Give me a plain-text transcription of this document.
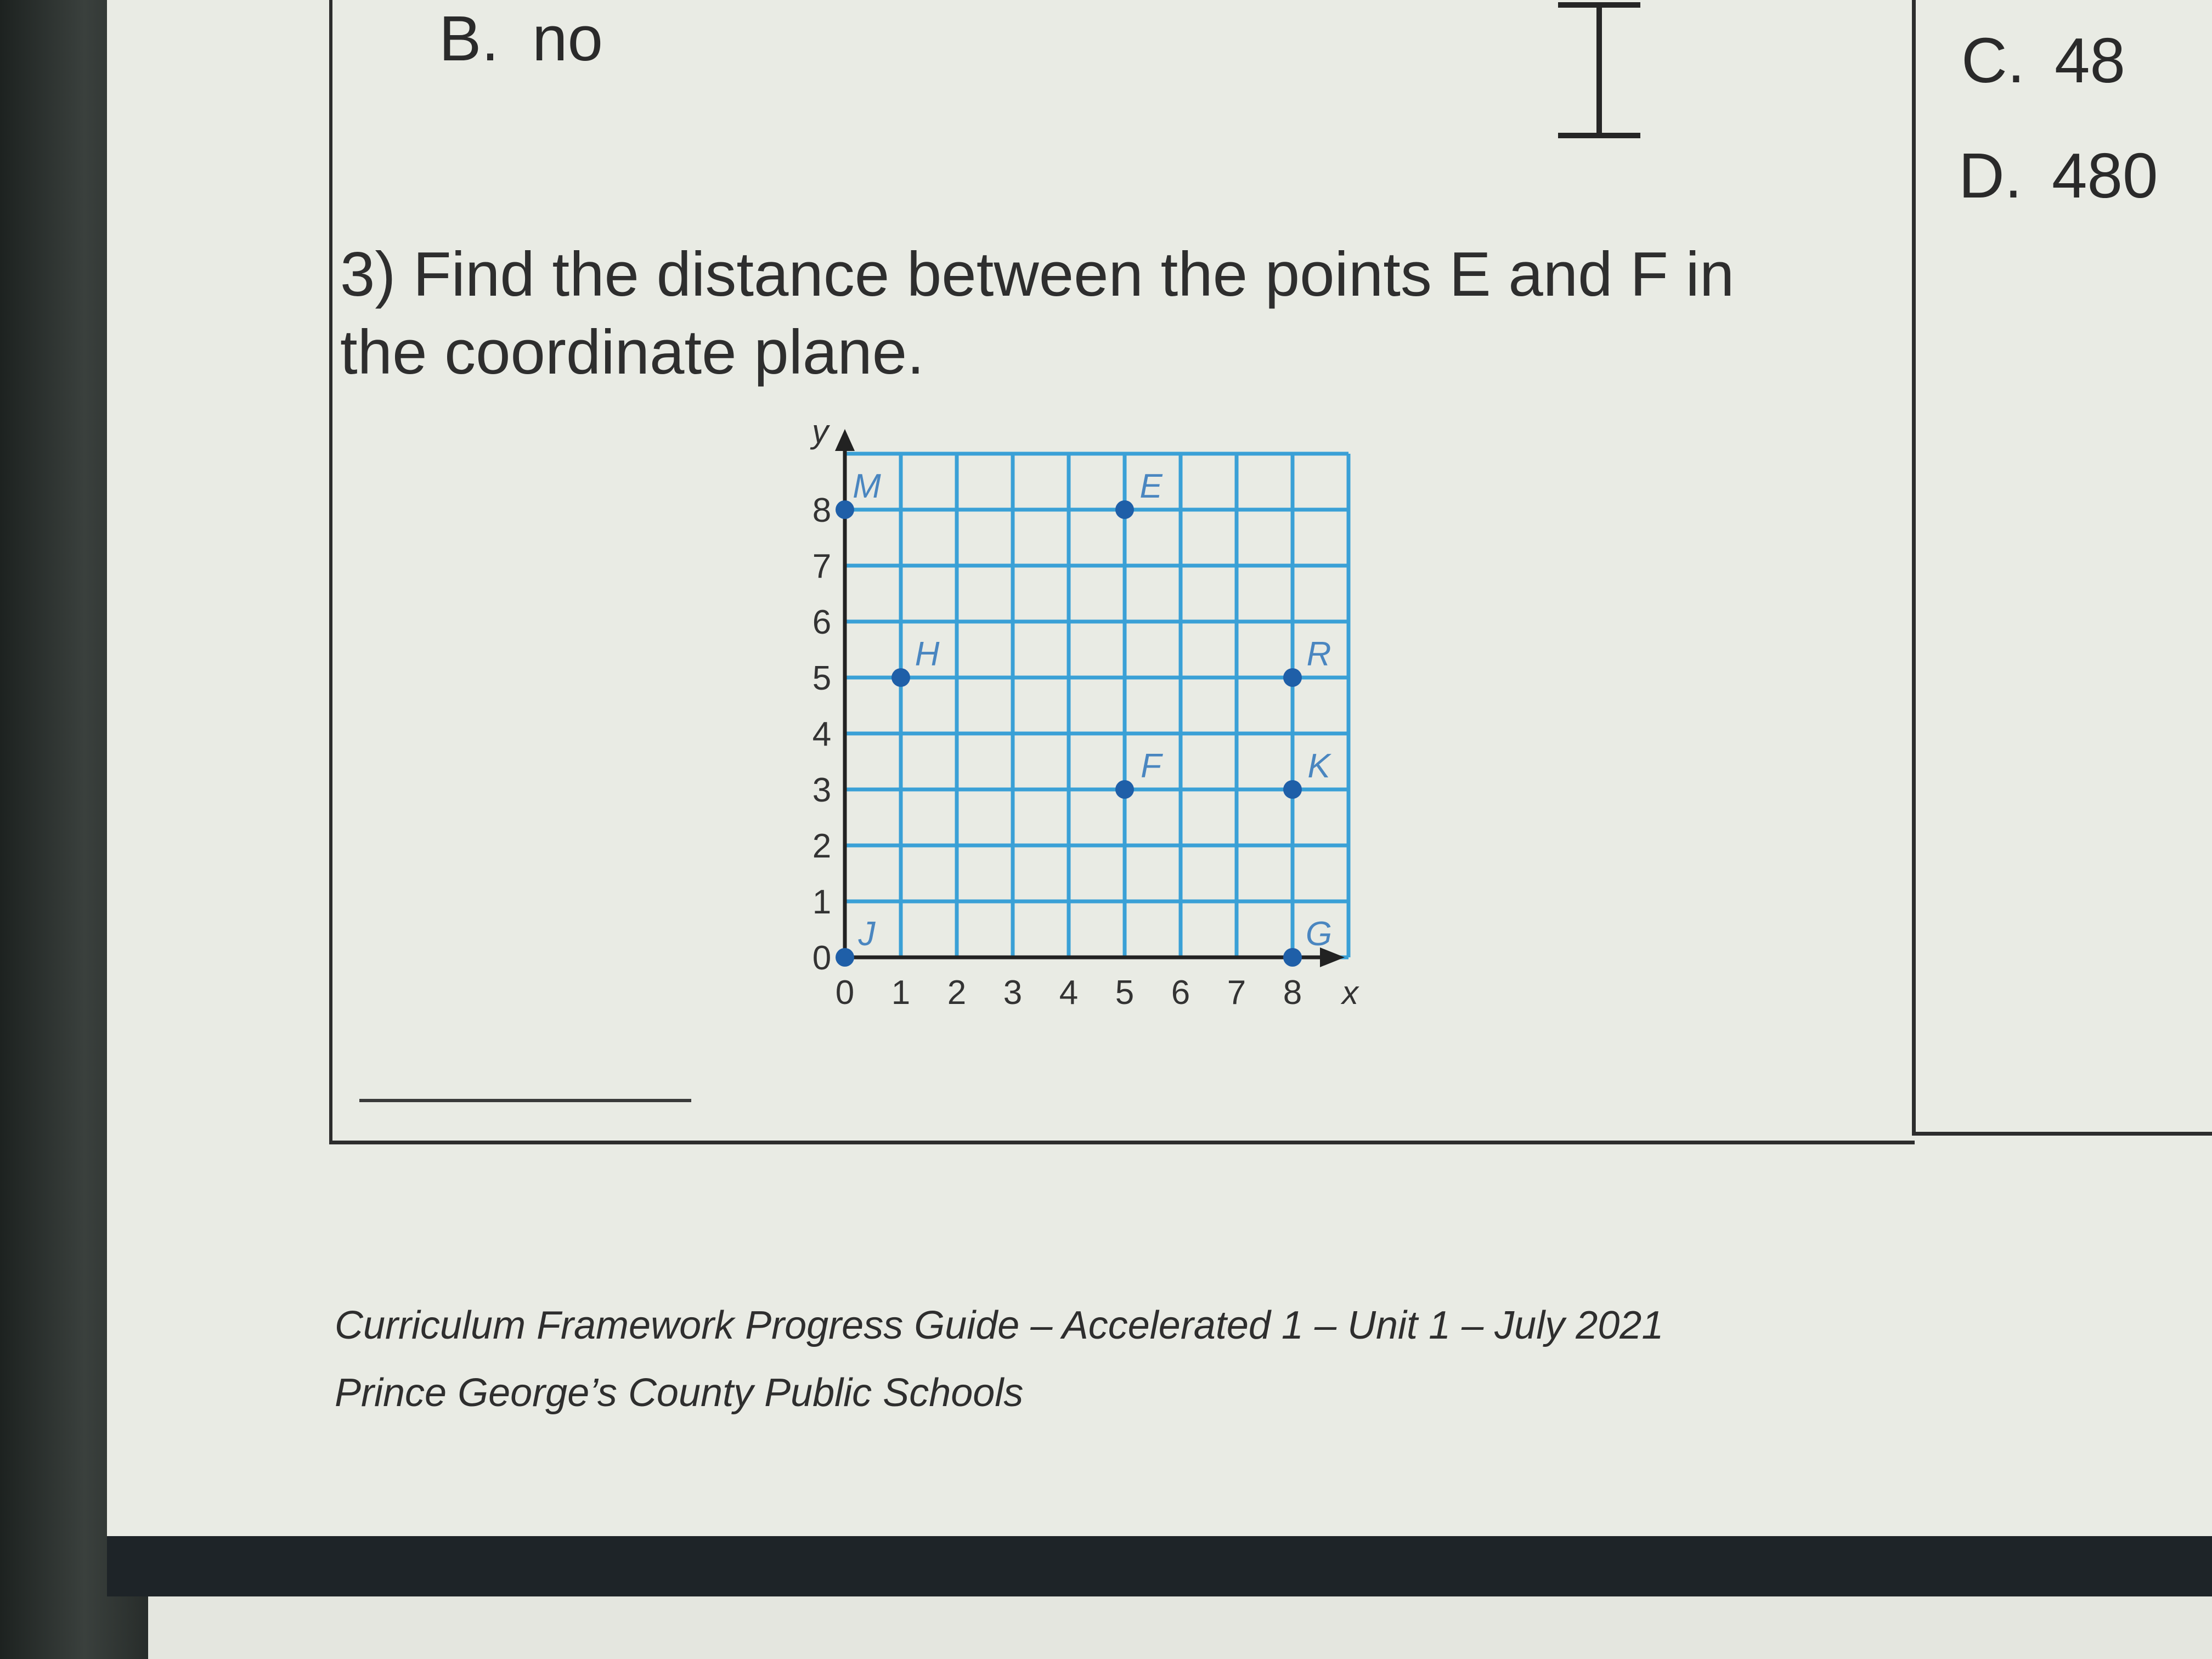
B. no	C. 48
D. 480
3) Find the distance between the points E and F in the coordinate plane.
0 1 2 3 4 5 6 7 8
0
1
2
3
4
5
6
7
8
x
y
M	E
H	R
F	K
J	G
Curriculum Framework Progress Guide – Accelerated 1 – Unit 1 – July 2021
Prince George’s County Public Schools
